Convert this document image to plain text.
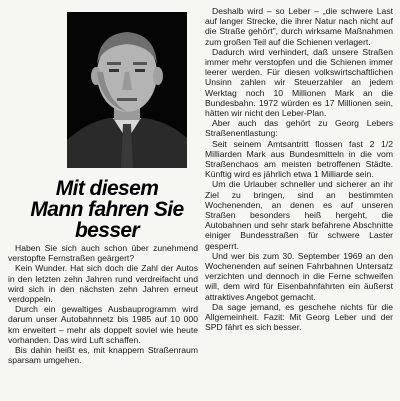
Mit diesem
Mann fahren Sie
besser

Haben Sie sich auch schon über zunehmend verstopfte Fernstraßen geärgert?

Kein Wunder. Hat sich doch die Zahl der Autos in den letzten zehn Jahren rund verdreifacht und wird sich in den nächsten zehn Jahren erneut verdoppeln.

Durch ein gewaltiges Ausbauprogramm wird darum unser Autobahnnetz bis 1985 auf 10 000 km erweitert – mehr als doppelt soviel wie heute vorhanden. Das wird Luft schaffen.

Bis dahin heißt es, mit knappem Straßenraum sparsam umgehen.

Deshalb wird – so Leber – „die schwere Last auf langer Strecke, die ihrer Natur nach nicht auf die Straße gehört", durch wirksame Maßnahmen zum großen Teil auf die Schienen verlagert.

Dadurch wird verhindert, daß unsere Straßen immer mehr verstopfen und die Schienen immer leerer werden. Für diesen volkswirtschaftlichen Unsinn zahlen wir Steuerzahler an jedem Werktag noch 10 Millionen Mark an die Bundesbahn. 1972 würden es 17 Millionen sein, hätten wir nicht den Leber-Plan.

Aber auch das gehört zu Georg Lebers Straßenentlastung:

Seit seinem Amtsantritt flossen fast 2 1/2 Milliarden Mark aus Bundesmitteln in die vom Straßenchaos am meisten betroffenen Städte. Künftig wird es jährlich etwa 1 Milliarde sein.

Um die Urlauber schneller und sicherer an ihr Ziel zu bringen, sind an bestimmten Wochenenden, an denen es auf unseren Straßen besonders heiß hergeht, die Autobahnen und sehr stark befahrene Abschnitte einiger Bundesstraßen für schwere Laster gesperrt.

Und wer bis zum 30. September 1969 an den Wochenenden auf seinen Fahrbahnen Untersatz verzichten und dennoch in die Ferne schweifen will, dem wird für Eisenbahnfahrten ein äußerst attraktives Angebot gemacht.

Da sage jemand, es geschehe nichts für die Allgemeinheit. Fazit: Mit Georg Leber und der SPD fährt es sich besser.
